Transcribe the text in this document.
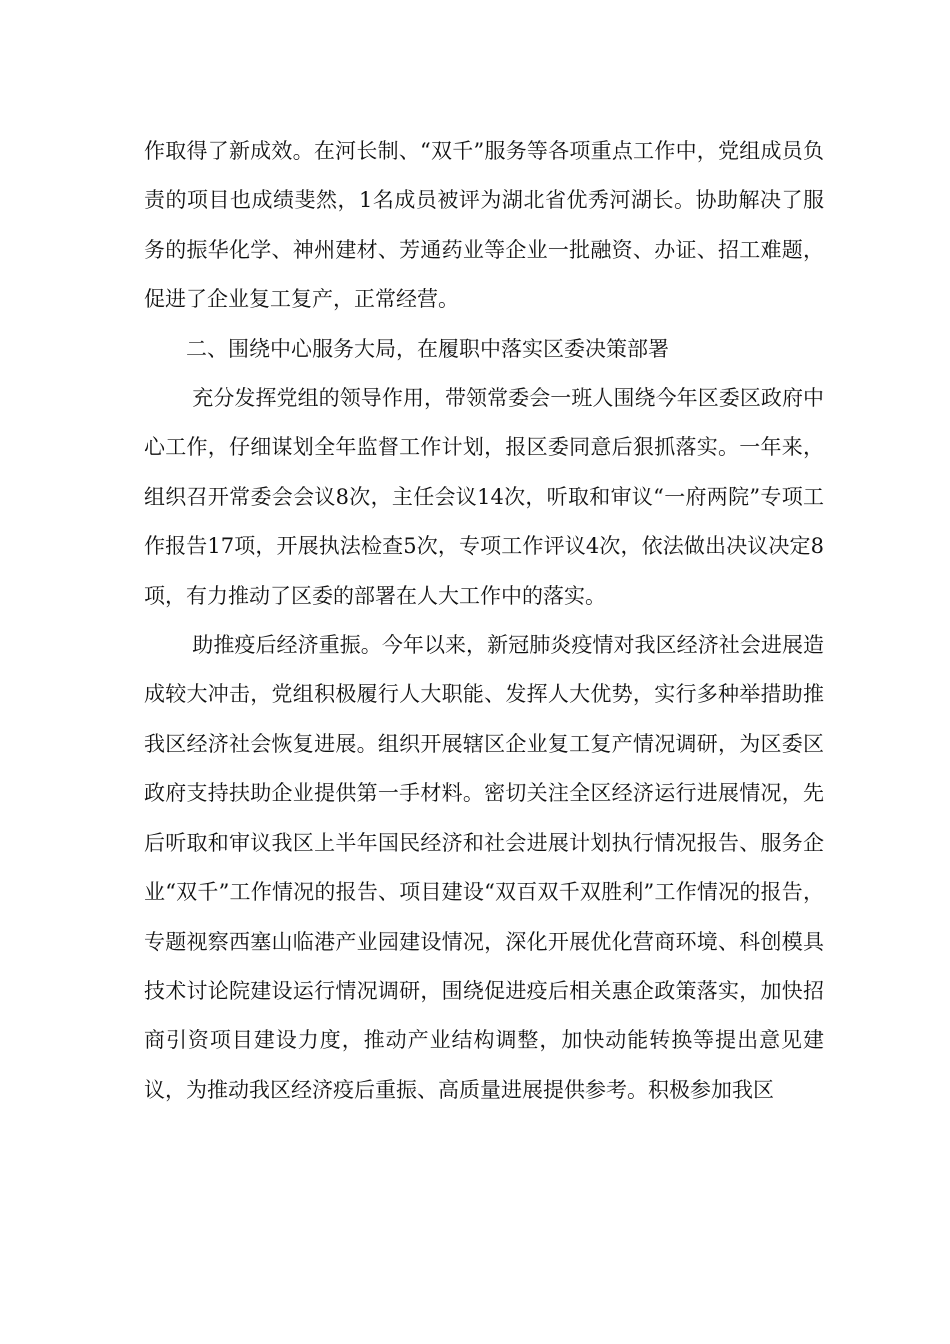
作取得了新成效。在河长制、“双千”服务等各项重点工作中，党组成员负责的项目也成绩斐然，1名成员被评为湖北省优秀河湖长。协助解决了服务的振华化学、神州建材、芳通药业等企业一批融资、办证、招工难题，促进了企业复工复产，正常经营。

二、围绕中心服务大局，在履职中落实区委决策部署

充分发挥党组的领导作用，带领常委会一班人围绕今年区委区政府中心工作，仔细谋划全年监督工作计划，报区委同意后狠抓落实。一年来，组织召开常委会会议8次，主任会议14次，听取和审议“一府两院”专项工作报告17项，开展执法检查5次，专项工作评议4次，依法做出决议决定8项，有力推动了区委的部署在人大工作中的落实。

助推疫后经济重振。今年以来，新冠肺炎疫情对我区经济社会进展造成较大冲击，党组积极履行人大职能、发挥人大优势，实行多种举措助推我区经济社会恢复进展。组织开展辖区企业复工复产情况调研，为区委区政府支持扶助企业提供第一手材料。密切关注全区经济运行进展情况，先后听取和审议我区上半年国民经济和社会进展计划执行情况报告、服务企业“双千”工作情况的报告、项目建设“双百双千双胜利”工作情况的报告，专题视察西塞山临港产业园建设情况，深化开展优化营商环境、科创模具技术讨论院建设运行情况调研，围绕促进疫后相关惠企政策落实，加快招商引资项目建设力度，推动产业结构调整，加快动能转换等提出意见建议，为推动我区经济疫后重振、高质量进展提供参考。积极参加我区
